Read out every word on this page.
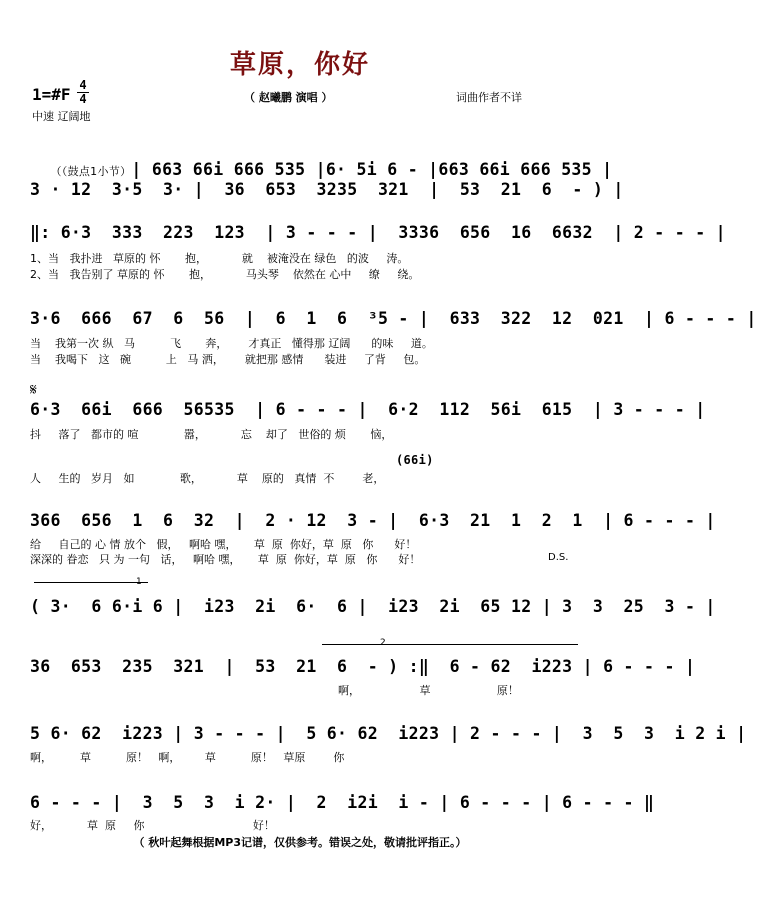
草原，你好
1=#F 4
4	（ 赵曦鹏 演唱 ）	词曲作者不详
中速 辽阔地

（（鼓点1小节）| 663 66i 666 535 |6· 5i 6 - |663 66i 666 535 |

3 · 12  3·5  3· |  36  653  3235  321  |  53  21  6  - ) |
‖: 6·3  333  223  123  | 3 - - - |  3336  656  16  6632  | 2 - - - |
1、当   我扑进   草原的 怀       抱，          就    被淹没在 绿色   的波     涛。
2、当   我告别了 草原的 怀       抱，          马头琴    依然在 心中     缭     绕。
3·6  666  67  6  56  |  6  1  6  ³5 - |  633  322  12  021  | 6 - - - |
当    我第一次 纵   马          飞       奔，      才真正   懂得那 辽阔      的味     道。
当    我喝下   这   碗          上   马 洒，      就把那 感情      装进     了背     包。
𝄋
6·3  66i  666  56535  | 6 - - - |  6·2  112  56i  615  | 3 - - - |
抖     落了   都市的 喧             嚣，          忘    却了   世俗的 烦       恼，
(66i)
人     生的   岁月   如             歌，          草    原的   真情  不        老，
366  656  1  6  32  |  2 · 12  3 - |  6·3  21  1  2  1  | 6 - - - |
给     自己的 心 情 放个   假，   啊哈 嘿，     草  原  你好，草  原   你      好！
深深的 眷恋   只 为 一句   话，   啊哈 嘿，     草  原  你好，草  原   你      好！	D.S.
1
( 3·  6 6·i 6 |  i23  2i  6·  6 |  i23  2i  65 12 | 3  3  25  3 - |
2
36  653  235  321  |  53  21  6  - ) :‖  6 - 62  i223 | 6 - - - |
啊，                 草                   原！
5 6· 62  i223 | 3 - - - |  5 6· 62  i223 | 2 - - - |  3  5  3  i 2 i |
啊，        草          原！   啊，       草          原！   草原        你
6 - - - |  3  5  3  i 2· |  2  i2i  i - | 6 - - - | 6 - - - ‖
好，          草  原     你                               好！
（ 秋叶起舞根据MP3记谱，仅供参考。错误之处，敬请批评指正。）
